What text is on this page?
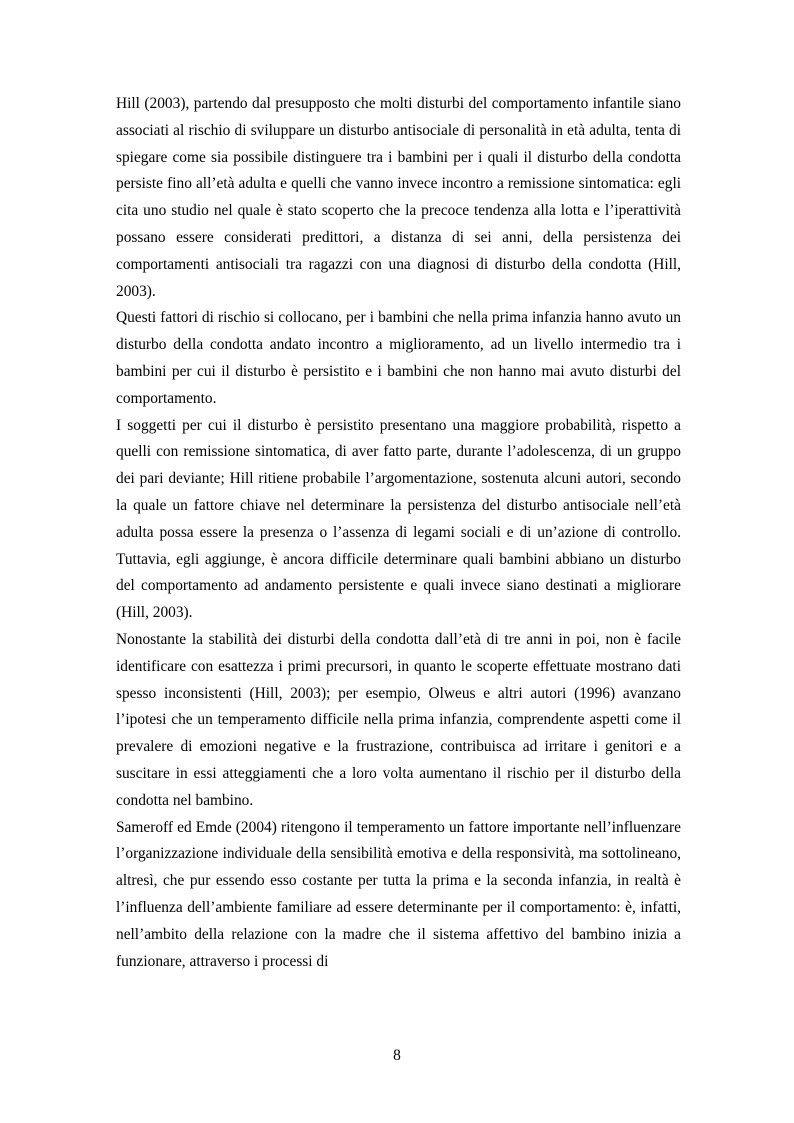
Hill (2003), partendo dal presupposto che molti disturbi del comportamento infantile siano associati al rischio di sviluppare un disturbo antisociale di personalità in età adulta, tenta di spiegare come sia possibile distinguere tra i bambini per i quali il disturbo della condotta persiste fino all’età adulta e quelli che vanno invece incontro a remissione sintomatica: egli cita uno studio nel quale è stato scoperto che la precoce tendenza alla lotta e l’iperattività possano essere considerati predittori, a distanza di sei anni, della persistenza dei comportamenti antisociali tra ragazzi con una diagnosi di disturbo della condotta (Hill, 2003).

Questi fattori di rischio si collocano, per i bambini che nella prima infanzia hanno avuto un disturbo della condotta andato incontro a miglioramento, ad un livello intermedio tra i bambini per cui il disturbo è persistito e i bambini che non hanno mai avuto disturbi del comportamento.

I soggetti per cui il disturbo è persistito presentano una maggiore probabilità, rispetto a quelli con remissione sintomatica, di aver fatto parte, durante l’adolescenza, di un gruppo dei pari deviante; Hill ritiene probabile l’argomentazione, sostenuta alcuni autori, secondo la quale un fattore chiave nel determinare la persistenza del disturbo antisociale nell’età adulta possa essere la presenza o l’assenza di legami sociali e di un’azione di controllo. Tuttavia, egli aggiunge, è ancora difficile determinare quali bambini abbiano un disturbo del comportamento ad andamento persistente e quali invece siano destinati a migliorare (Hill, 2003).

Nonostante la stabilità dei disturbi della condotta dall’età di tre anni in poi, non è facile identificare con esattezza i primi precursori, in quanto le scoperte effettuate mostrano dati spesso inconsistenti (Hill, 2003); per esempio, Olweus e altri autori (1996) avanzano l’ipotesi che un temperamento difficile nella prima infanzia, comprendente aspetti come il prevalere di emozioni negative e la frustrazione, contribuisca ad irritare i genitori e a suscitare in essi atteggiamenti che a loro volta aumentano il rischio per il disturbo della condotta nel bambino.

Sameroff ed Emde (2004) ritengono il temperamento un fattore importante nell’influenzare l’organizzazione individuale della sensibilità emotiva e della responsività, ma sottolineano, altresì, che pur essendo esso costante per tutta la prima e la seconda infanzia, in realtà è l’influenza dell’ambiente familiare ad essere determinante per il comportamento: è, infatti, nell’ambito della relazione con la madre che il sistema affettivo del bambino inizia a funzionare, attraverso i processi di

8
